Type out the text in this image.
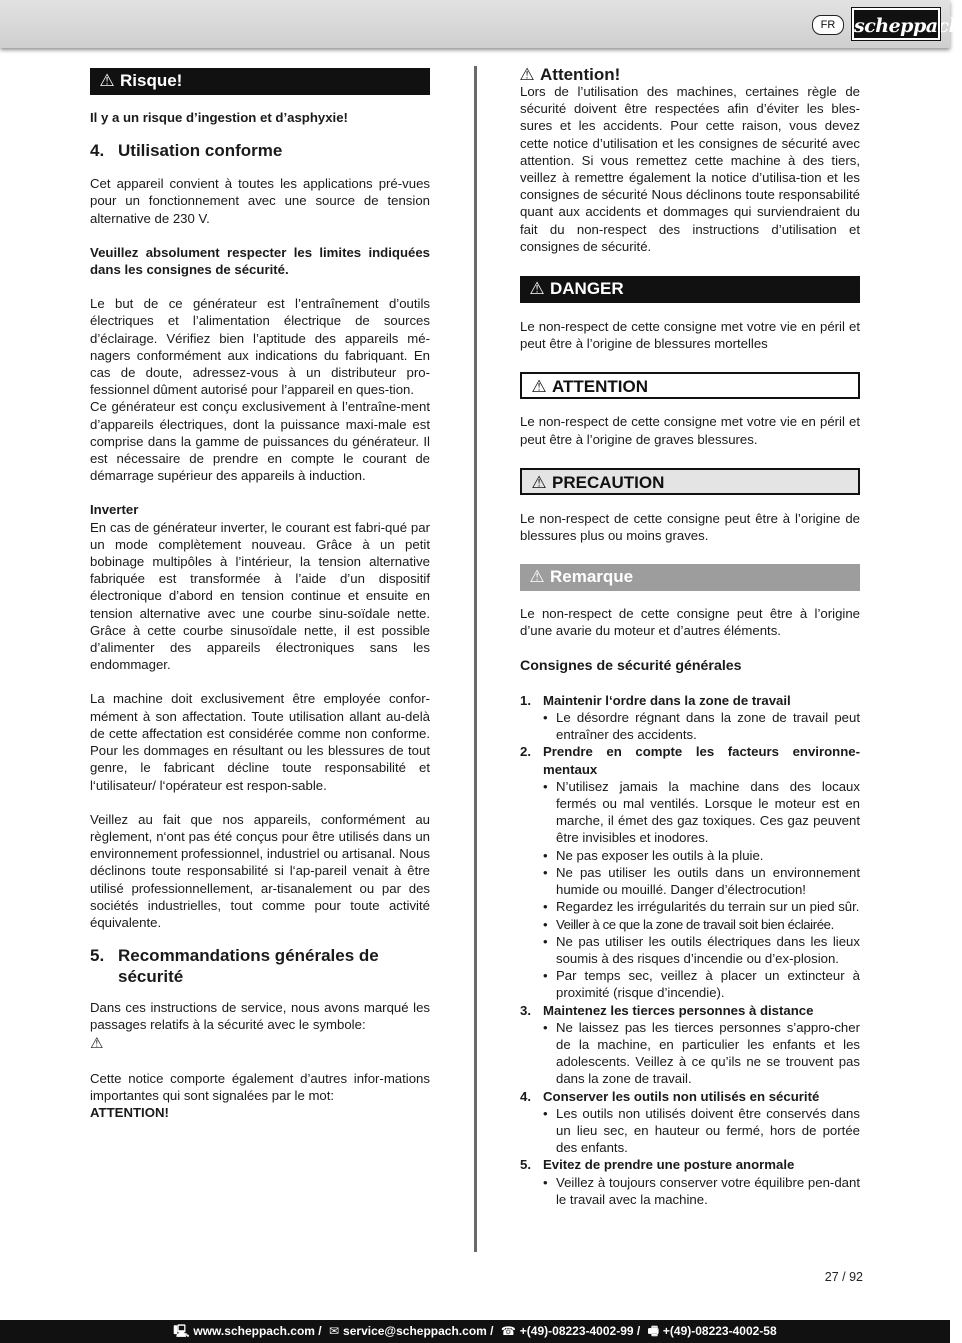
FR scheppach
⚠ Risque!

Il y a un risque d’ingestion et d’asphyxie!

4. Utilisation conforme

Cet appareil convient à toutes les applications pré-vues pour un fonctionnement avec une source de tension alternative de 230 V.

Veuillez absolument respecter les limites indiquées dans les consignes de sécurité.

Le but de ce générateur est l’entraînement d’outils électriques et l’alimentation électrique de sources d’éclairage. Vérifiez bien l’aptitude des appareils mé-nagers conformément aux indications du fabriquant. En cas de doute, adressez-vous à un distributeur pro-fessionnel dûment autorisé pour l’appareil en ques-tion.

Ce générateur est conçu exclusivement à l’entraîne-ment d’appareils électriques, dont la puissance maxi-male est comprise dans la gamme de puissances du générateur. Il est nécessaire de prendre en compte le courant de démarrage supérieur des appareils à induction.

Inverter

En cas de générateur inverter, le courant est fabri-qué par un mode complètement nouveau. Grâce à un petit bobinage multipôles à l’intérieur, la tension alternative fabriquée est transformée à l’aide d’un dispositif électronique d’abord en tension continue et ensuite en tension alternative avec une courbe sinu-soïdale nette. Grâce à cette courbe sinusoïdale nette, il est possible d’alimenter des appareils électroniques sans les endommager.

La machine doit exclusivement être employée confor-mément à son affectation. Toute utilisation allant au-delà de cette affectation est considérée comme non conforme. Pour les dommages en résultant ou les blessures de tout genre, le fabricant décline toute responsabilité et l‘utilisateur/ l‘opérateur est respon-sable.

Veillez au fait que nos appareils, conformément au règlement, n‘ont pas été conçus pour être utilisés dans un environnement professionnel, industriel ou artisanal. Nous déclinons toute responsabilité si l‘ap-pareil venait à être utilisé professionnellement, ar-tisanalement ou par des sociétés industrielles, tout comme pour toute activité équivalente.

5. Recommandations générales de sécurité

Dans ces instructions de service, nous avons marqué les passages relatifs à la sécurité avec le symbole:

⚠

Cette notice comporte également d’autres infor-mations importantes qui sont signalées par le mot:
ATTENTION!

⚠ Attention!

Lors de l’utilisation des machines, certaines règle de sécurité doivent être respectées afin d’éviter les bles-sures et les accidents. Pour cette raison, vous devez cette notice d’utilisation et les consignes de sécurité avec attention. Si vous remettez cette machine à des tiers, veillez à remettre également la notice d’utilisa-tion et les consignes de sécurité Nous déclinons toute responsabilité quant aux accidents et dommages qui surviendraient du fait du non-respect des instructions d’utilisation et consignes de sécurité.

⚠ DANGER

Le non-respect de cette consigne met votre vie en péril et peut être à l’origine de blessures mortelles

⚠ ATTENTION

Le non-respect de cette consigne met votre vie en péril et peut être à l’origine de graves blessures.

⚠ PRECAUTION

Le non-respect de cette consigne peut être à l’origine de blessures plus ou moins graves.

⚠ Remarque

Le non-respect de cette consigne peut être à l’origine d’une avarie du moteur et d’autres éléments.

Consignes de sécurité générales

1. Maintenir l‘ordre dans la zone de travail
• Le désordre régnant dans la zone de travail peut entraîner des accidents.
2. Prendre en compte les facteurs environne-mentaux
• N’utilisez jamais la machine dans des locaux fermés ou mal ventilés. Lorsque le moteur est en marche, il émet des gaz toxiques. Ces gaz peuvent être invisibles et inodores.
• Ne pas exposer les outils à la pluie.
• Ne pas utiliser les outils dans un environnement humide ou mouillé. Danger d’électrocution!
• Regardez les irrégularités du terrain sur un pied sûr.
• Veiller à ce que la zone de travail soit bien éclairée.
• Ne pas utiliser les outils électriques dans les lieux soumis à des risques d’incendie ou d’ex-plosion.
• Par temps sec, veillez à placer un extincteur à proximité (risque d’incendie).
3. Maintenez les tierces personnes à distance
• Ne laissez pas les tierces personnes s’appro-cher de la machine, en particulier les enfants et les adolescents. Veillez à ce qu’ils ne se trouvent pas dans la zone de travail.
4. Conserver les outils non utilisés en sécurité
• Les outils non utilisés doivent être conservés dans un lieu sec, en hauteur ou fermé, hors de portée des enfants.
5. Evitez de prendre une posture anormale
• Veillez à toujours conserver votre équilibre pen-dant le travail avec la machine.
27 / 92
🖳 www.scheppach.com / ✉ service@scheppach.com / ☎ +(49)-08223-4002-99 / 🖷 +(49)-08223-4002-58
